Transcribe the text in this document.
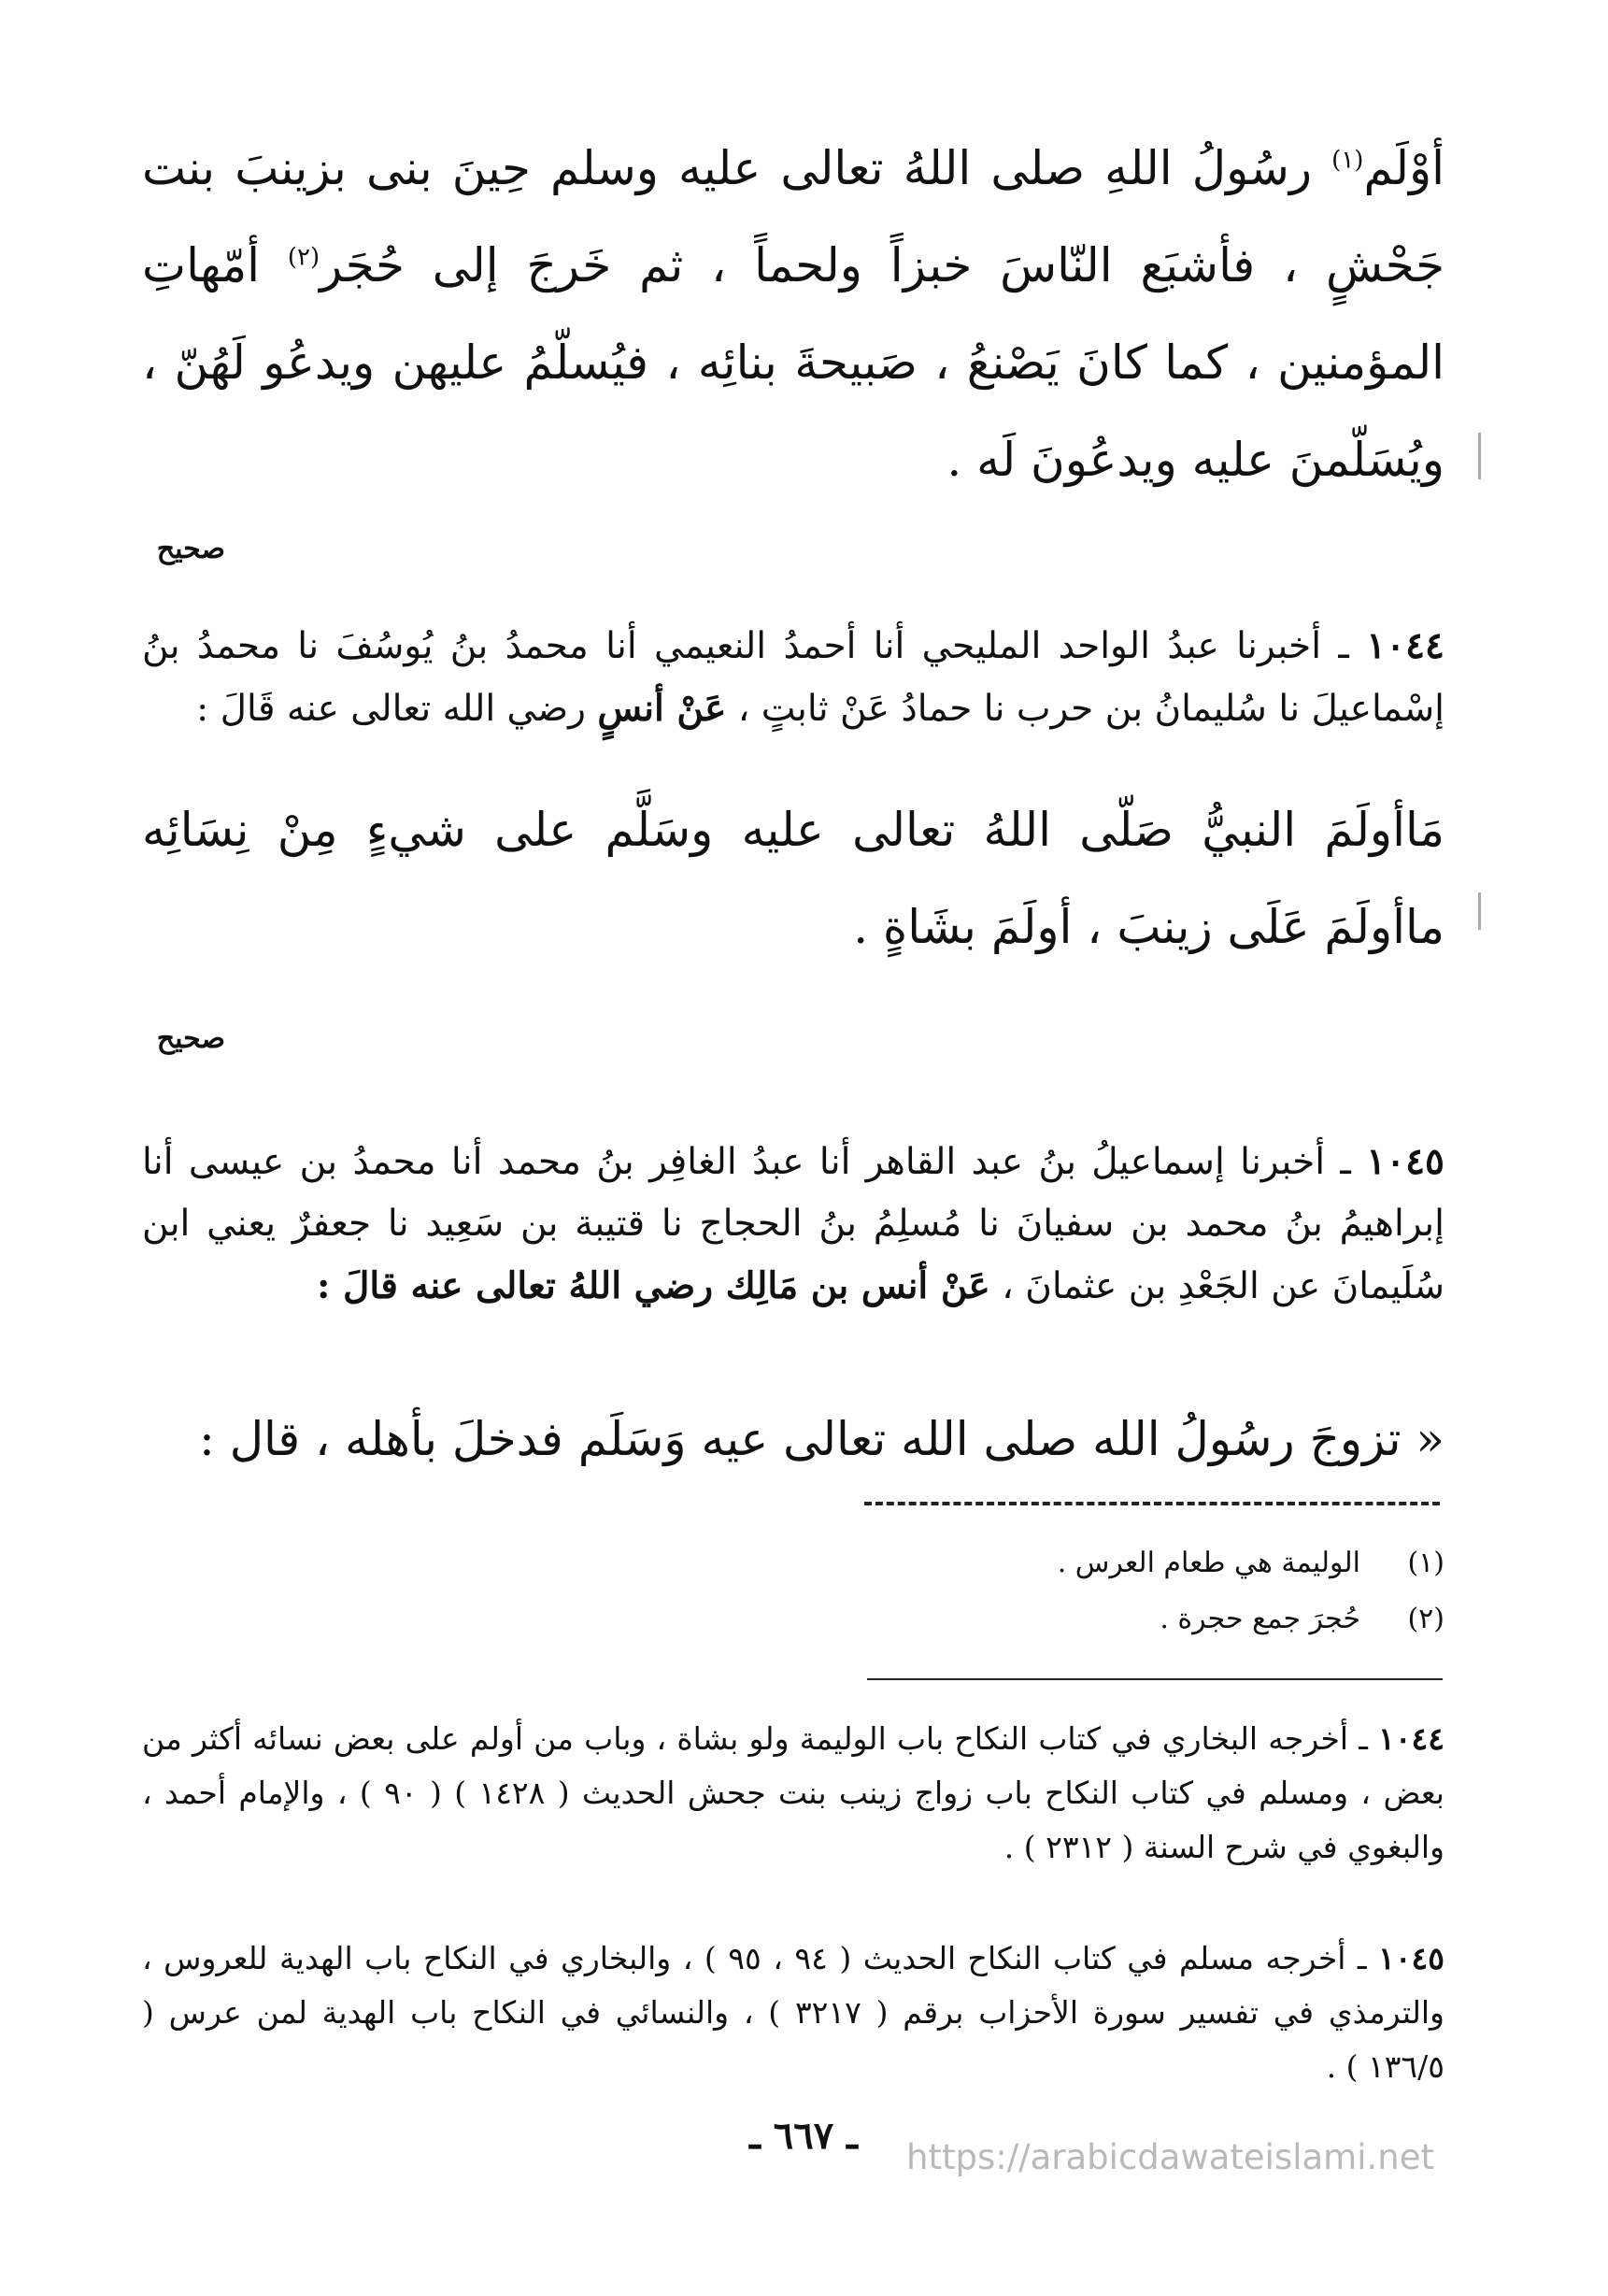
أوْلَم$^{(١)}$ رسُولُ اللهِ صلى اللهُ تعالى عليه وسلم حِينَ بنى بزينبَ بنت جَحْشٍ ، فأشبَع النّاسَ خبزاً ولحماً ، ثم خَرجَ إلى حُجَر$^{(٢)}$ أمّهاتِ المؤمنين ، كما كانَ يَصْنعُ ، صَبيحةَ بنائِه ، فيُسلّمُ عليهن ويدعُو لَهُنّ ، ويُسَلّمنَ عليه ويدعُونَ لَه .
صحيح
١٠٤٤ ـ أخبرنا عبدُ الواحد المليحي أنا أحمدُ النعيمي أنا محمدُ بنُ يُوسُفَ نا محمدُ بنُ إسْماعيلَ نا سُليمانُ بن حرب نا حمادُ عَنْ ثابتٍ ، عَنْ أنسٍ رضي الله تعالى عنه قَالَ :
مَاأولَمَ النبيُّ صَلّى اللهُ تعالى عليه وسَلَّم على شيءٍ مِنْ نِسَائِه ماأولَمَ عَلَى زينبَ ، أولَمَ بشَاةٍ .
صحيح
١٠٤٥ ـ أخبرنا إسماعيلُ بنُ عبد القاهر أنا عبدُ الغافِر بنُ محمد أنا محمدُ بن عيسى أنا إبراهيمُ بنُ محمد بن سفيانَ نا مُسلِمُ بنُ الحجاج نا قتيبة بن سَعِيد نا جعفرٌ يعني ابن سُلَيمانَ عن الجَعْدِ بن عثمانَ ، عَنْ أنس بن مَالِك رضي اللهُ تعالى عنه قالَ :
« تزوجَ رسُولُ الله صلى الله تعالى عيه وَسَلَم فدخلَ بأهله ، قال :
(١)الوليمة هي طعام العرس .
(٢)حُجرَ جمع حجرة .
١٠٤٤ ـ أخرجه البخاري في كتاب النكاح باب الوليمة ولو بشاة ، وباب من أولم على بعض نسائه أكثر من بعض ، ومسلم في كتاب النكاح باب زواج زينب بنت جحش الحديث ( ١٤٢٨ ) ( ٩٠ ) ، والإمام أحمد ، والبغوي في شرح السنة ( ٢٣١٢ ) .
١٠٤٥ ـ أخرجه مسلم في كتاب النكاح الحديث ( ٩٤ ، ٩٥ ) ، والبخاري في النكاح باب الهدية للعروس ، والترمذي في تفسير سورة الأحزاب برقم ( ٣٢١٧ ) ، والنسائي في النكاح باب الهدية لمن عرس ( ١٣٦/٥ ) .
ـ ٦٦٧ ـ	https://arabicdawateislami.net
